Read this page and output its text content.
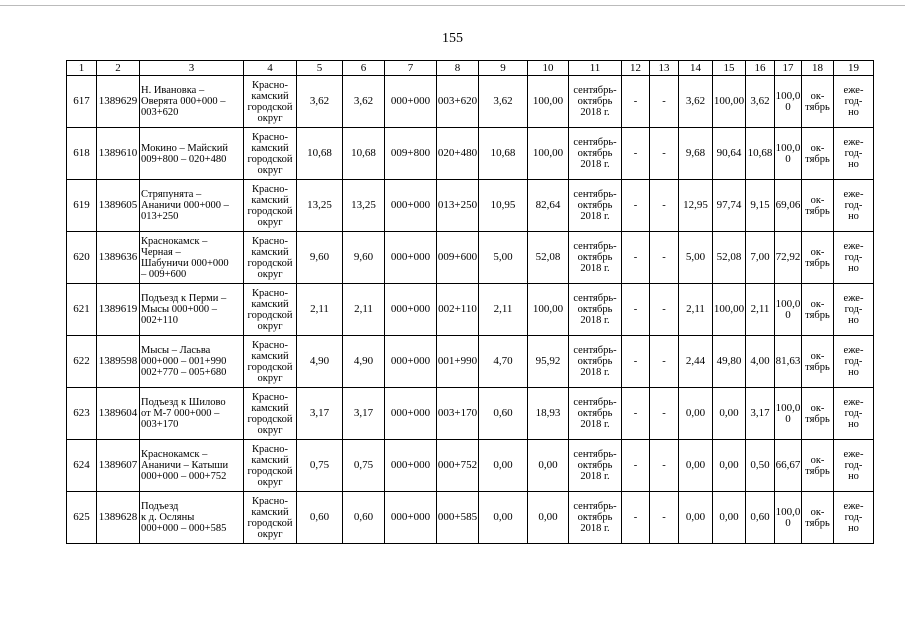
155
1	2	3	4	5	6	7	8	9	10	11	12	13	14	15	16	17	18	19
617	1389629	Н. Ивановка –
Оверята 000+000 –
003+620	Красно-
камский
городской
округ	3,62	3,62	000+000	003+620	3,62	100,00	сентябрь-
октябрь
2018 г.	-	-	3,62	100,00	3,62	100,0
0	ок-
тябрь	еже-
год-
но

618	1389610	Мокино – Майский
009+800 – 020+480	Красно-
камский
городской
округ	10,68	10,68	009+800	020+480	10,68	100,00	сентябрь-
октябрь
2018 г.	-	-	9,68	90,64	10,68	100,0
0	ок-
тябрь	еже-
год-
но

619	1389605	Стряпунята –
Ананичи 000+000 –
013+250	Красно-
камский
городской
округ	13,25	13,25	000+000	013+250	10,95	82,64	сентябрь-
октябрь
2018 г.	-	-	12,95	97,74	9,15	69,06	ок-
тябрь	еже-
год-
но

620	1389636	Краснокамск –
Черная –
Шабуничи 000+000
– 009+600	Красно-
камский
городской
округ	9,60	9,60	000+000	009+600	5,00	52,08	сентябрь-
октябрь
2018 г.	-	-	5,00	52,08	7,00	72,92	ок-
тябрь	еже-
год-
но

621	1389619	Подъезд к Перми –
Мысы 000+000 –
002+110	Красно-
камский
городской
округ	2,11	2,11	000+000	002+110	2,11	100,00	сентябрь-
октябрь
2018 г.	-	-	2,11	100,00	2,11	100,0
0	ок-
тябрь	еже-
год-
но

622	1389598	Мысы – Ласьва
000+000 – 001+990
002+770 – 005+680	Красно-
камский
городской
округ	4,90	4,90	000+000	001+990	4,70	95,92	сентябрь-
октябрь
2018 г.	-	-	2,44	49,80	4,00	81,63	ок-
тябрь	еже-
год-
но

623	1389604	Подъезд к Шилово
от М-7 000+000 –
003+170	Красно-
камский
городской
округ	3,17	3,17	000+000	003+170	0,60	18,93	сентябрь-
октябрь
2018 г.	-	-	0,00	0,00	3,17	100,0
0	ок-
тябрь	еже-
год-
но

624	1389607	Краснокамск –
Ананичи – Катыши
000+000 – 000+752	Красно-
камский
городской
округ	0,75	0,75	000+000	000+752	0,00	0,00	сентябрь-
октябрь
2018 г.	-	-	0,00	0,00	0,50	66,67	ок-
тябрь	еже-
год-
но

625	1389628	Подъезд
к д. Осляны
000+000 – 000+585	Красно-
камский
городской
округ	0,60	0,60	000+000	000+585	0,00	0,00	сентябрь-
октябрь
2018 г.	-	-	0,00	0,00	0,60	100,0
0	ок-
тябрь	еже-
год-
но
